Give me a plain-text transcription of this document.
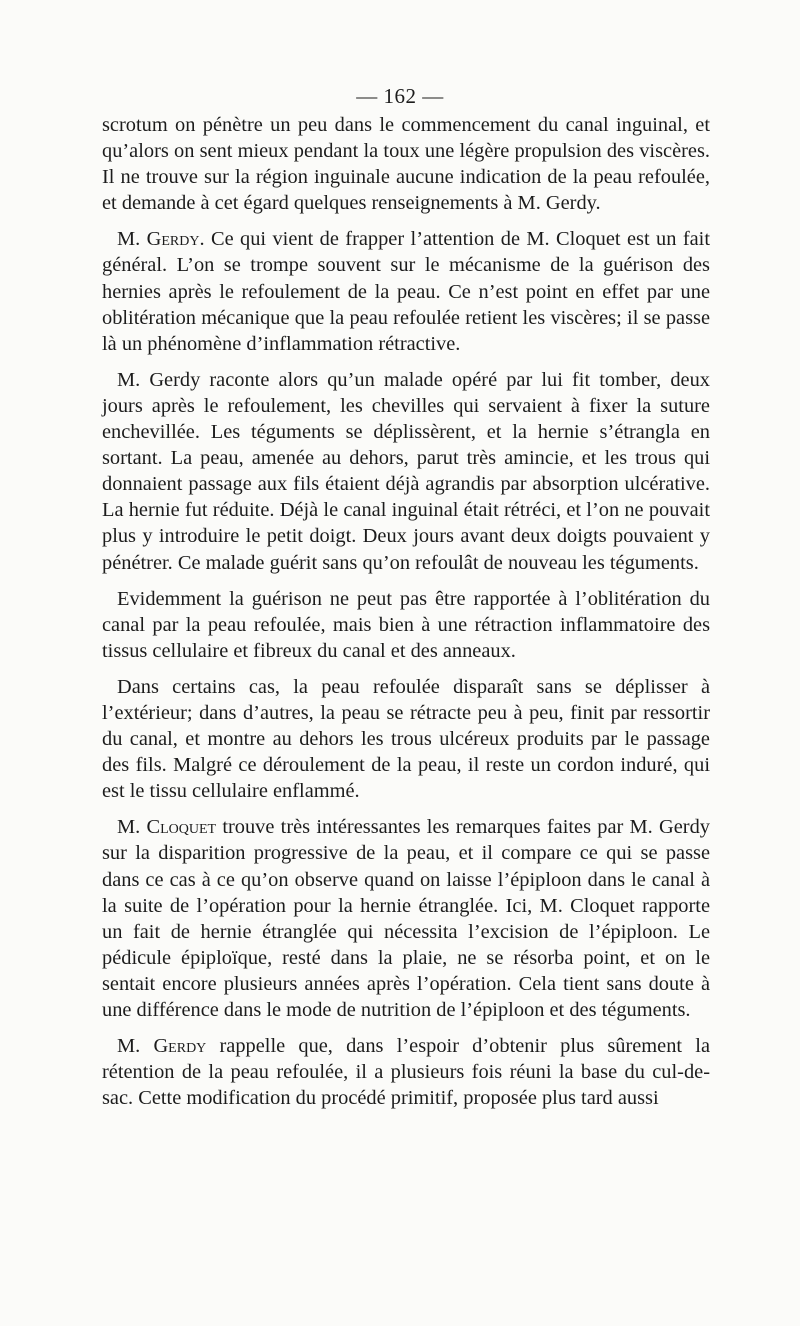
— 162 —

scrotum on pénètre un peu dans le commencement du canal inguinal, et qu’alors on sent mieux pendant la toux une légère propulsion des viscères. Il ne trouve sur la région inguinale aucune indication de la peau refoulée, et demande à cet égard quelques renseignements à M. Gerdy.

M. Gerdy. Ce qui vient de frapper l’attention de M. Cloquet est un fait général. L’on se trompe souvent sur le mécanisme de la guérison des hernies après le refoulement de la peau. Ce n’est point en effet par une oblitération mécanique que la peau refoulée retient les viscères; il se passe là un phénomène d’inflammation rétractive.

M. Gerdy raconte alors qu’un malade opéré par lui fit tomber, deux jours après le refoulement, les chevilles qui servaient à fixer la suture enchevillée. Les téguments se déplissèrent, et la hernie s’étrangla en sortant. La peau, amenée au dehors, parut très amincie, et les trous qui donnaient passage aux fils étaient déjà agrandis par absorption ulcérative. La hernie fut réduite. Déjà le canal inguinal était rétréci, et l’on ne pouvait plus y introduire le petit doigt. Deux jours avant deux doigts pouvaient y pénétrer. Ce malade guérit sans qu’on refoulât de nouveau les téguments.

Evidemment la guérison ne peut pas être rapportée à l’oblitération du canal par la peau refoulée, mais bien à une rétraction inflammatoire des tissus cellulaire et fibreux du canal et des anneaux.

Dans certains cas, la peau refoulée disparaît sans se déplisser à l’extérieur; dans d’autres, la peau se rétracte peu à peu, finit par ressortir du canal, et montre au dehors les trous ulcéreux produits par le passage des fils. Malgré ce déroulement de la peau, il reste un cordon induré, qui est le tissu cellulaire enflammé.

M. Cloquet trouve très intéressantes les remarques faites par M. Gerdy sur la disparition progressive de la peau, et il compare ce qui se passe dans ce cas à ce qu’on observe quand on laisse l’épiploon dans le canal à la suite de l’opération pour la hernie étranglée. Ici, M. Cloquet rapporte un fait de hernie étranglée qui nécessita l’excision de l’épiploon. Le pédicule épiploïque, resté dans la plaie, ne se résorba point, et on le sentait encore plusieurs années après l’opération. Cela tient sans doute à une différence dans le mode de nutrition de l’épiploon et des téguments.

M. Gerdy rappelle que, dans l’espoir d’obtenir plus sûrement la rétention de la peau refoulée, il a plusieurs fois réuni la base du cul-de-sac. Cette modification du procédé primitif, proposée plus tard aussi
